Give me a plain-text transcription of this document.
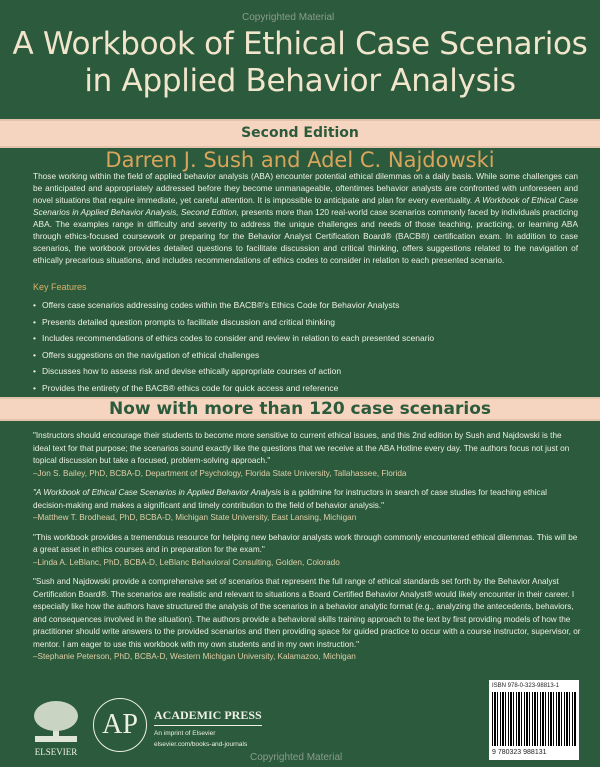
Copyrighted Material
A Workbook of Ethical Case Scenarios
in Applied Behavior Analysis
Second Edition
Darren J. Sush and Adel C. Najdowski

Those working within the field of applied behavior analysis (ABA) encounter potential ethical dilemmas on a daily basis. While some challenges can be anticipated and appropriately addressed before they become unmanageable, oftentimes behavior analysts are confronted with unforeseen and novel situations that require immediate, yet careful attention. It is impossible to anticipate and plan for every eventuality. A Workbook of Ethical Case Scenarios in Applied Behavior Analysis, Second Edition, presents more than 120 real-world case scenarios commonly faced by individuals practicing ABA. The examples range in difficulty and severity to address the unique challenges and needs of those teaching, practicing, or learning ABA through ethics-focused coursework or preparing for the Behavior Analyst Certification Board® (BACB®) certification exam. In addition to case scenarios, the workbook provides detailed questions to facilitate discussion and critical thinking, offers suggestions related to the navigation of ethically precarious situations, and includes recommendations of ethics codes to consider in relation to each presented scenario.

Key Features
• Offers case scenarios addressing codes within the BACB®'s Ethics Code for Behavior Analysts
• Presents detailed question prompts to facilitate discussion and critical thinking
• Includes recommendations of ethics codes to consider and review in relation to each presented scenario
• Offers suggestions on the navigation of ethical challenges
• Discusses how to assess risk and devise ethically appropriate courses of action
• Provides the entirety of the BACB® ethics code for quick access and reference
Now with more than 120 case scenarios
"Instructors should encourage their students to become more sensitive to current ethical issues, and this 2nd edition by Sush and Najdowski is the ideal text for that purpose; the scenarios sound exactly like the questions that we receive at the ABA Hotline every day. The authors focus not just on topical discussion but take a focused, problem-solving approach."
–Jon S. Bailey, PhD, BCBA-D, Department of Psychology, Florida State University, Tallahassee, Florida
"A Workbook of Ethical Case Scenarios in Applied Behavior Analysis is a goldmine for instructors in search of case studies for teaching ethical decision-making and makes a significant and timely contribution to the field of behavior analysis."
–Matthew T. Brodhead, PhD, BCBA-D, Michigan State University, East Lansing, Michigan
"This workbook provides a tremendous resource for helping new behavior analysts work through commonly encountered ethical dilemmas. This will be a great asset in ethics courses and in preparation for the exam."
–Linda A. LeBlanc, PhD, BCBA-D, LeBlanc Behavioral Consulting, Golden, Colorado
"Sush and Najdowski provide a comprehensive set of scenarios that represent the full range of ethical standards set forth by the Behavior Analyst Certification Board®. The scenarios are realistic and relevant to situations a Board Certified Behavior Analyst® would likely encounter in their career. I especially like how the authors have structured the analysis of the scenarios in a behavior analytic format (e.g., analyzing the antecedents, behaviors, and consequences involved in the situation). The authors provide a behavioral skills training approach to the text by first providing models of how the practitioner should write answers to the provided scenarios and then providing space for guided practice to occur with a course instructor, supervisor, or mentor. I am eager to use this workbook with my own students and in my own instruction."
–Stephanie Peterson, PhD, BCBA-D, Western Michigan University, Kalamazoo, Michigan
ELSEVIER
AP	ACADEMIC PRESS
An imprint of Elsevier
elsevier.com/books-and-journals
Copyrighted Material
ISBN 978-0-323-98813-1
9 780323 988131
